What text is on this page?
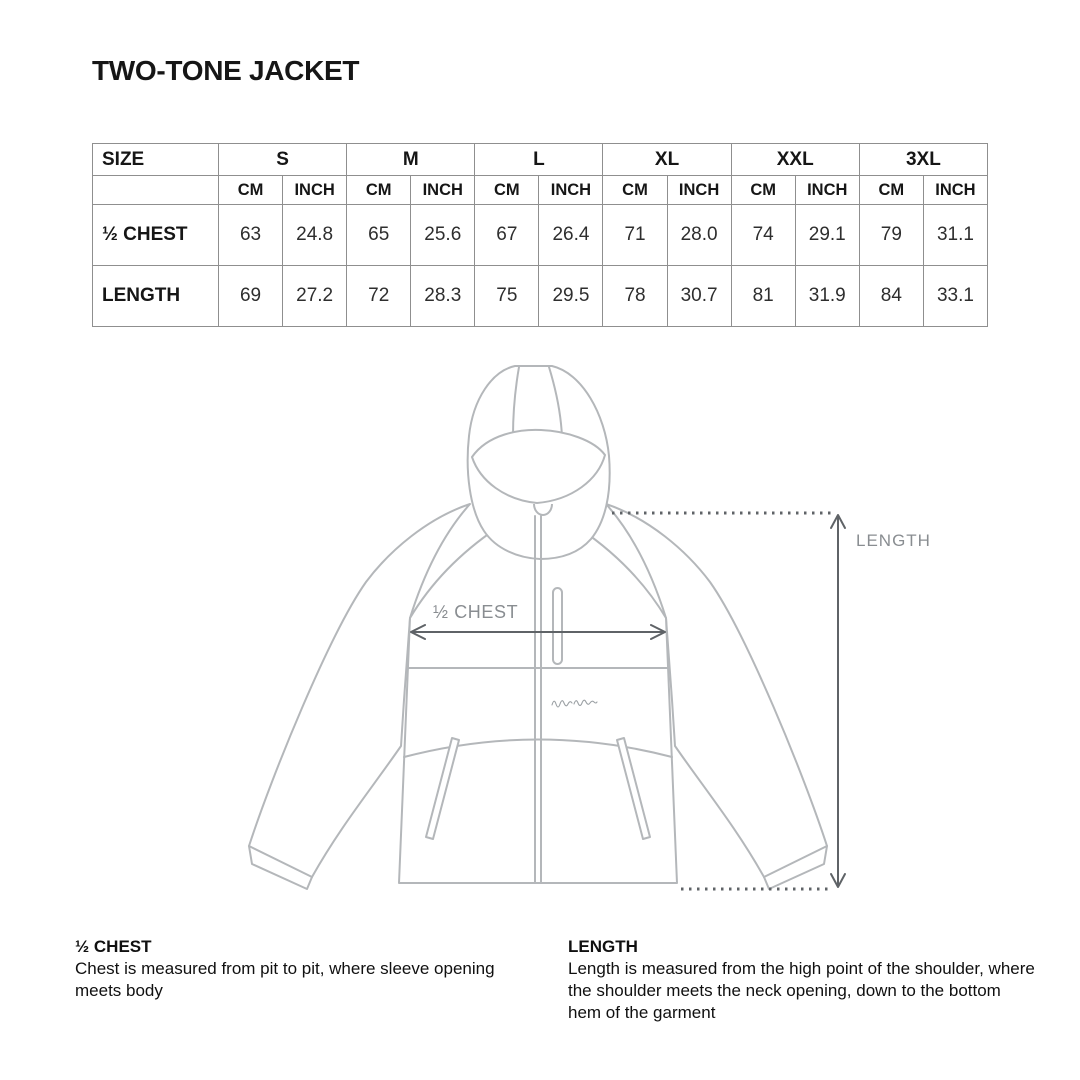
TWO-TONE JACKET
SIZE	S		M		L		XL		XXL		3XL	
	CM	INCH	CM	INCH	CM	INCH	CM	INCH	CM	INCH	CM	INCH
½ CHEST	63	24.8	65	25.6	67	26.4	71	28.0	74	29.1	79	31.1
LENGTH	69	27.2	72	28.3	75	29.5	78	30.7	81	31.9	84	33.1
½ CHEST
LENGTH
½ CHEST

Chest is measured from pit to pit, where sleeve opening meets body

LENGTH

Length is measured from the high point of the shoulder, where the shoulder meets the neck opening, down to the bottom hem of the garment
